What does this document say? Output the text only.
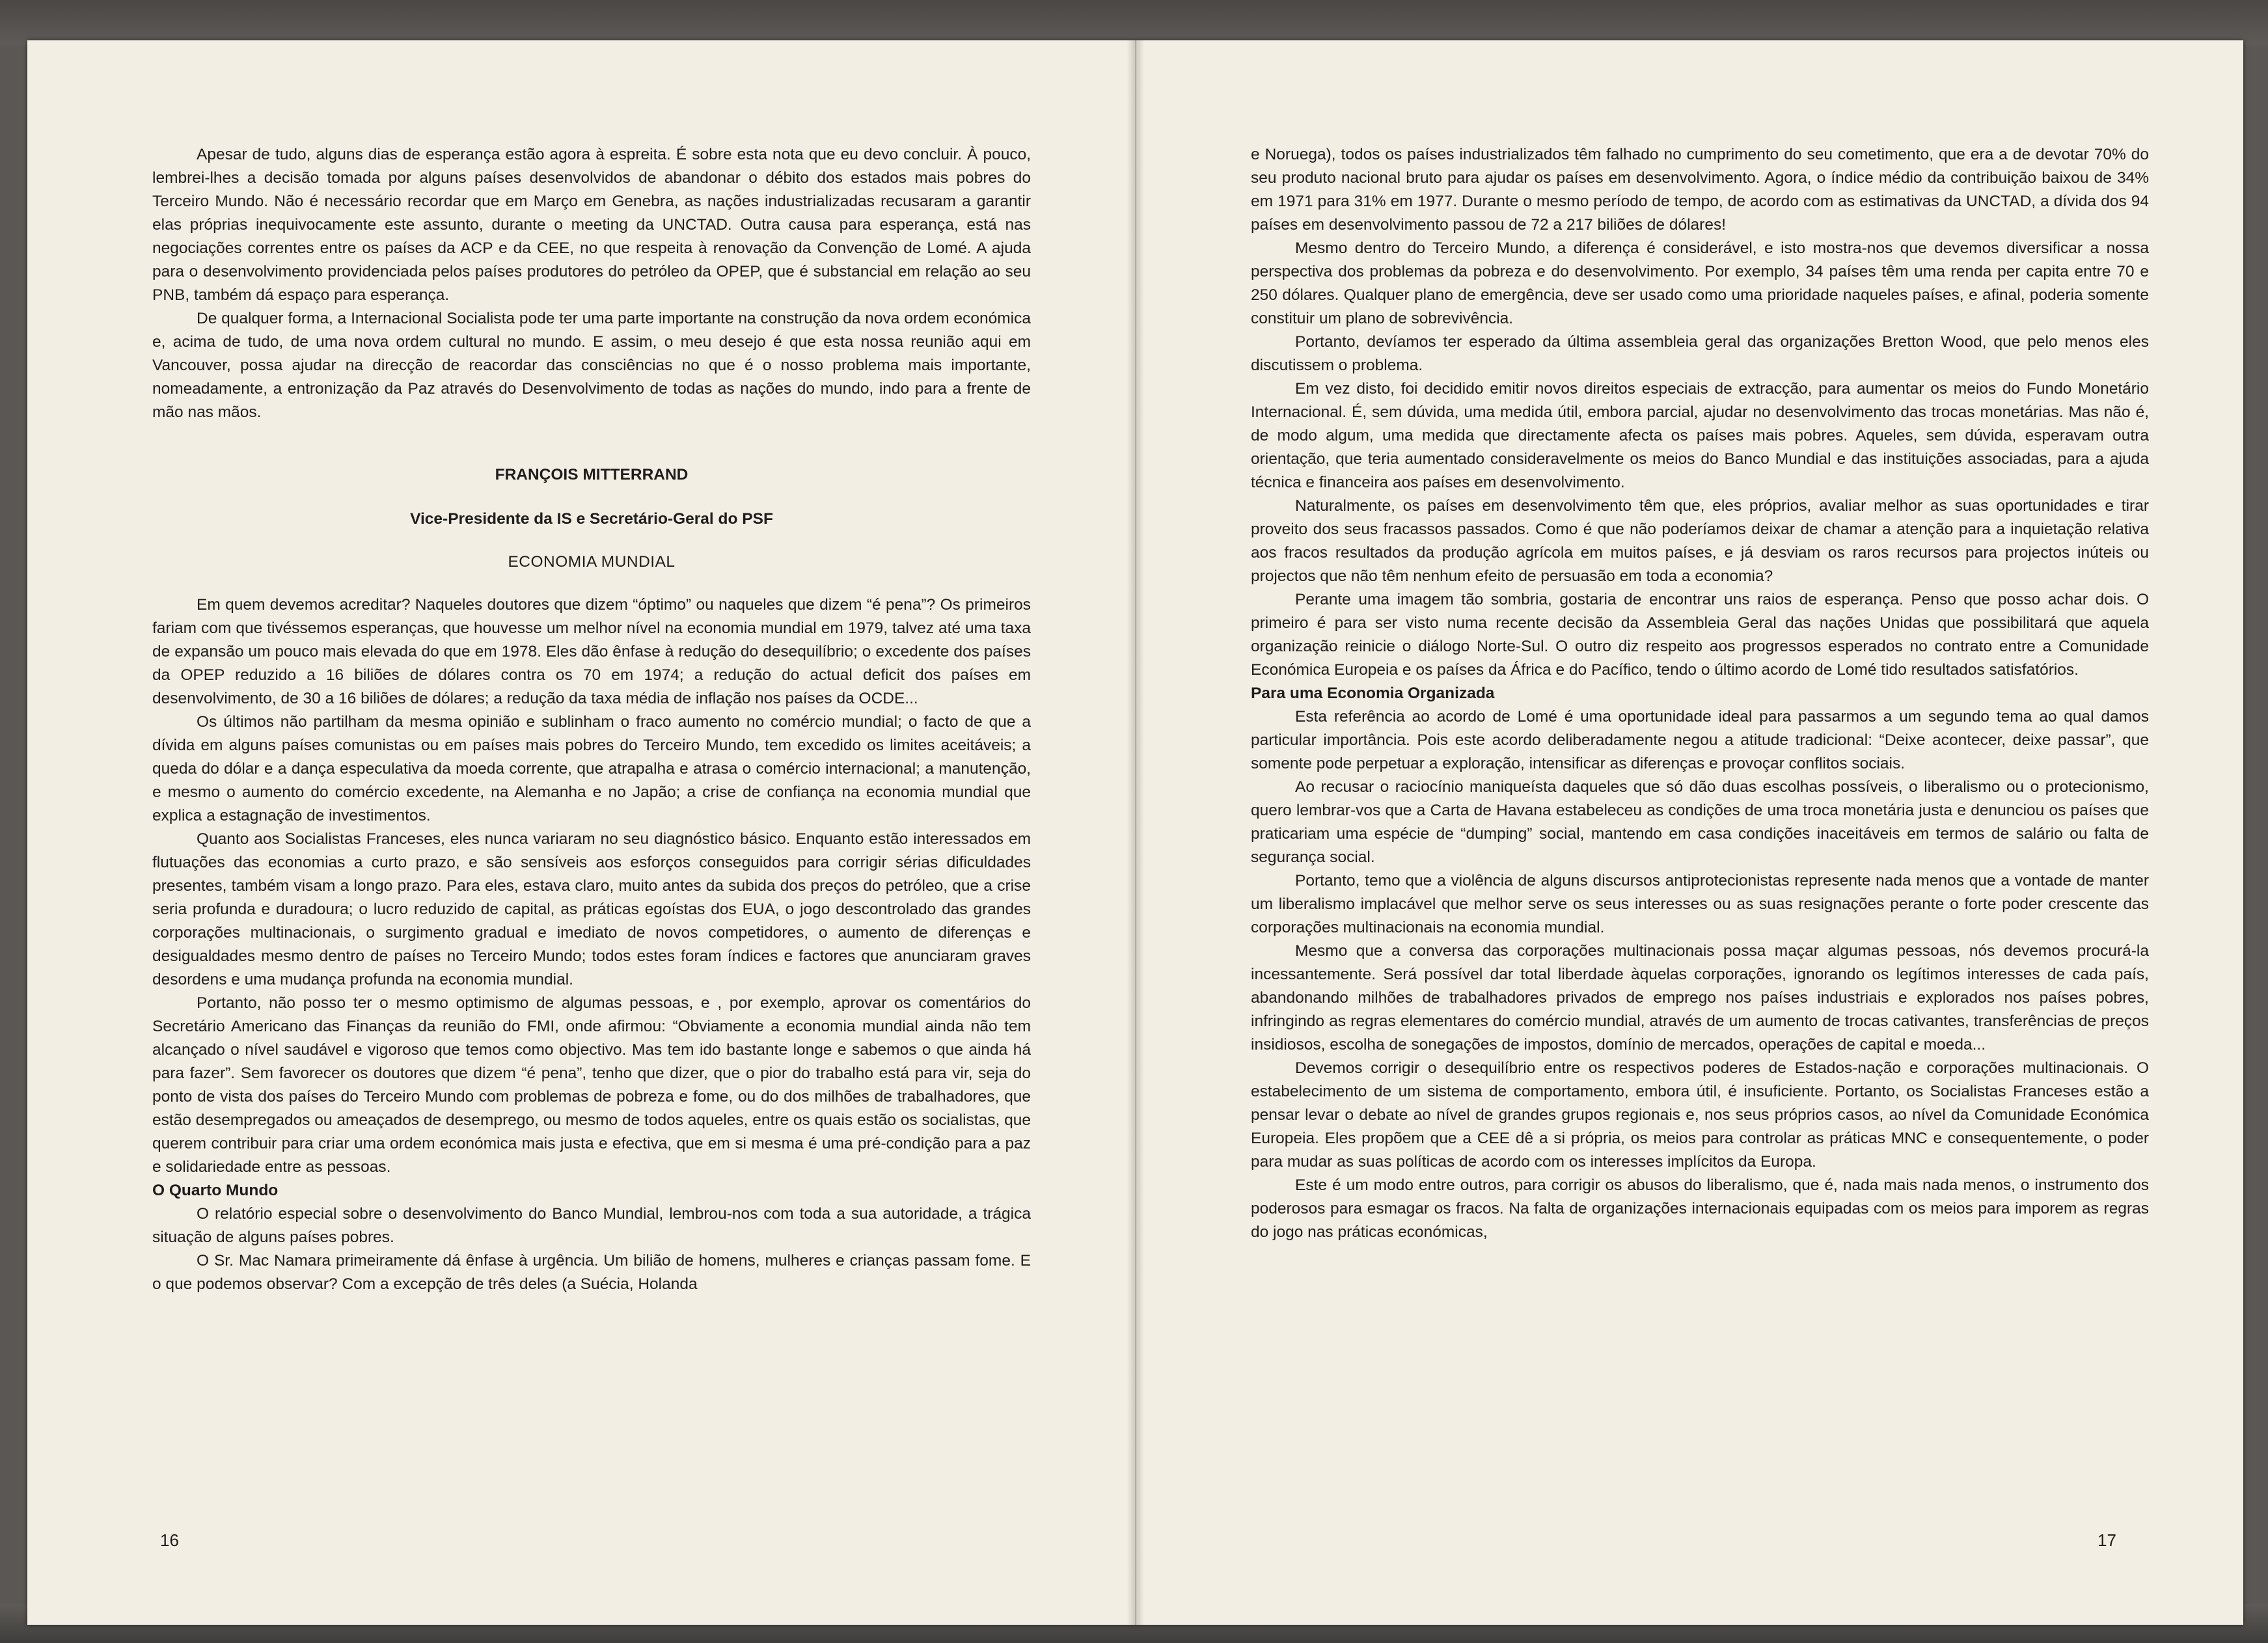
Apesar de tudo, alguns dias de esperança estão agora à espreita. É sobre esta nota que eu devo concluir. À pouco, lembrei-lhes a decisão tomada por alguns países desenvolvidos de abandonar o débito dos estados mais pobres do Terceiro Mundo. Não é necessário recordar que em Março em Genebra, as nações industrializadas recusaram a garantir elas próprias inequivocamente este assunto, durante o meeting da UNCTAD. Outra causa para esperança, está nas negociações correntes entre os países da ACP e da CEE, no que respeita à renovação da Convenção de Lomé. A ajuda para o desenvolvimento providenciada pelos países produtores do petróleo da OPEP, que é substancial em relação ao seu PNB, também dá espaço para esperança.

De qualquer forma, a Internacional Socialista pode ter uma parte importante na construção da nova ordem económica e, acima de tudo, de uma nova ordem cultural no mundo. E assim, o meu desejo é que esta nossa reunião aqui em Vancouver, possa ajudar na direcção de reacordar das consciências no que é o nosso problema mais importante, nomeadamente, a entronização da Paz através do Desenvolvimento de todas as nações do mundo, indo para a frente de mão nas mãos.

FRANÇOIS MITTERRAND

Vice-Presidente da IS e Secretário-Geral do PSF

ECONOMIA MUNDIAL

Em quem devemos acreditar? Naqueles doutores que dizem “óptimo” ou naqueles que dizem “é pena”? Os primeiros fariam com que tivéssemos esperanças, que houvesse um melhor nível na economia mundial em 1979, talvez até uma taxa de expansão um pouco mais elevada do que em 1978. Eles dão ênfase à redução do desequilíbrio; o excedente dos países da OPEP reduzido a 16 biliões de dólares contra os 70 em 1974; a redução do actual deficit dos países em desenvolvimento, de 30 a 16 biliões de dólares; a redução da taxa média de inflação nos países da OCDE...

Os últimos não partilham da mesma opinião e sublinham o fraco aumento no comércio mundial; o facto de que a dívida em alguns países comunistas ou em países mais pobres do Terceiro Mundo, tem excedido os limites aceitáveis; a queda do dólar e a dança especulativa da moeda corrente, que atrapalha e atrasa o comércio internacional; a manutenção, e mesmo o aumento do comércio excedente, na Alemanha e no Japão; a crise de confiança na economia mundial que explica a estagnação de investimentos.

Quanto aos Socialistas Franceses, eles nunca variaram no seu diagnóstico básico. Enquanto estão interessados em flutuações das economias a curto prazo, e são sensíveis aos esforços conseguidos para corrigir sérias dificuldades presentes, também visam a longo prazo. Para eles, estava claro, muito antes da subida dos preços do petróleo, que a crise seria profunda e duradoura; o lucro reduzido de capital, as práticas egoístas dos EUA, o jogo descontrolado das grandes corporações multinacionais, o surgimento gradual e imediato de novos competidores, o aumento de diferenças e desigualdades mesmo dentro de países no Terceiro Mundo; todos estes foram índices e factores que anunciaram graves desordens e uma mudança profunda na economia mundial.

Portanto, não posso ter o mesmo optimismo de algumas pessoas, e , por exemplo, aprovar os comentários do Secretário Americano das Finanças da reunião do FMI, onde afirmou: “Obviamente a economia mundial ainda não tem alcançado o nível saudável e vigoroso que temos como objectivo. Mas tem ido bastante longe e sabemos o que ainda há para fazer”. Sem favorecer os doutores que dizem “é pena”, tenho que dizer, que o pior do trabalho está para vir, seja do ponto de vista dos países do Terceiro Mundo com problemas de pobreza e fome, ou do dos milhões de trabalhadores, que estão desempregados ou ameaçados de desemprego, ou mesmo de todos aqueles, entre os quais estão os socialistas, que querem contribuir para criar uma ordem económica mais justa e efectiva, que em si mesma é uma pré-condição para a paz e solidariedade entre as pessoas.

O Quarto Mundo

O relatório especial sobre o desenvolvimento do Banco Mundial, lembrou-nos com toda a sua autoridade, a trágica situação de alguns países pobres.

O Sr. Mac Namara primeiramente dá ênfase à urgência. Um bilião de homens, mulheres e crianças passam fome. E o que podemos observar? Com a excepção de três deles (a Suécia, Holanda

16

e Noruega), todos os países industrializados têm falhado no cumprimento do seu cometimento, que era a de devotar 70% do seu produto nacional bruto para ajudar os países em desenvolvimento. Agora, o índice médio da contribuição baixou de 34% em 1971 para 31% em 1977. Durante o mesmo período de tempo, de acordo com as estimativas da UNCTAD, a dívida dos 94 países em desenvolvimento passou de 72 a 217 biliões de dólares!

Mesmo dentro do Terceiro Mundo, a diferença é considerável, e isto mostra-nos que devemos diversificar a nossa perspectiva dos problemas da pobreza e do desenvolvimento. Por exemplo, 34 países têm uma renda per capita entre 70 e 250 dólares. Qualquer plano de emergência, deve ser usado como uma prioridade naqueles países, e afinal, poderia somente constituir um plano de sobrevivência.

Portanto, devíamos ter esperado da última assembleia geral das organizações Bretton Wood, que pelo menos eles discutissem o problema.

Em vez disto, foi decidido emitir novos direitos especiais de extracção, para aumentar os meios do Fundo Monetário Internacional. É, sem dúvida, uma medida útil, embora parcial, ajudar no desenvolvimento das trocas monetárias. Mas não é, de modo algum, uma medida que directamente afecta os países mais pobres. Aqueles, sem dúvida, esperavam outra orientação, que teria aumentado consideravelmente os meios do Banco Mundial e das instituições associadas, para a ajuda técnica e financeira aos países em desenvolvimento.

Naturalmente, os países em desenvolvimento têm que, eles próprios, avaliar melhor as suas oportunidades e tirar proveito dos seus fracassos passados. Como é que não poderíamos deixar de chamar a atenção para a inquietação relativa aos fracos resultados da produção agrícola em muitos países, e já desviam os raros recursos para projectos inúteis ou projectos que não têm nenhum efeito de persuasão em toda a economia?

Perante uma imagem tão sombria, gostaria de encontrar uns raios de esperança. Penso que posso achar dois. O primeiro é para ser visto numa recente decisão da Assembleia Geral das nações Unidas que possibilitará que aquela organização reinicie o diálogo Norte-Sul. O outro diz respeito aos progressos esperados no contrato entre a Comunidade Económica Europeia e os países da África e do Pacífico, tendo o último acordo de Lomé tido resultados satisfatórios.

Para uma Economia Organizada

Esta referência ao acordo de Lomé é uma oportunidade ideal para passarmos a um segundo tema ao qual damos particular importância. Pois este acordo deliberadamente negou a atitude tradicional: “Deixe acontecer, deixe passar”, que somente pode perpetuar a exploração, intensificar as diferenças e provoçar conflitos sociais.

Ao recusar o raciocínio maniqueísta daqueles que só dão duas escolhas possíveis, o liberalismo ou o protecionismo, quero lembrar-vos que a Carta de Havana estabeleceu as condições de uma troca monetária justa e denunciou os países que praticariam uma espécie de “dumping” social, mantendo em casa condições inaceitáveis em termos de salário ou falta de segurança social.

Portanto, temo que a violência de alguns discursos antiprotecionistas represente nada menos que a vontade de manter um liberalismo implacável que melhor serve os seus interesses ou as suas resignações perante o forte poder crescente das corporações multinacionais na economia mundial.

Mesmo que a conversa das corporações multinacionais possa maçar algumas pessoas, nós devemos procurá-la incessantemente. Será possível dar total liberdade àquelas corporações, ignorando os legítimos interesses de cada país, abandonando milhões de trabalhadores privados de emprego nos países industriais e explorados nos países pobres, infringindo as regras elementares do comércio mundial, através de um aumento de trocas cativantes, transferências de preços insidiosos, escolha de sonegações de impostos, domínio de mercados, operações de capital e moeda...

Devemos corrigir o desequilíbrio entre os respectivos poderes de Estados-nação e corporações multinacionais. O estabelecimento de um sistema de comportamento, embora útil, é insuficiente. Portanto, os Socialistas Franceses estão a pensar levar o debate ao nível de grandes grupos regionais e, nos seus próprios casos, ao nível da Comunidade Económica Europeia. Eles propõem que a CEE dê a si própria, os meios para controlar as práticas MNC e consequentemente, o poder para mudar as suas políticas de acordo com os interesses implícitos da Europa.

Este é um modo entre outros, para corrigir os abusos do liberalismo, que é, nada mais nada menos, o instrumento dos poderosos para esmagar os fracos. Na falta de organizações internacionais equipadas com os meios para imporem as regras do jogo nas práticas económicas,

17
